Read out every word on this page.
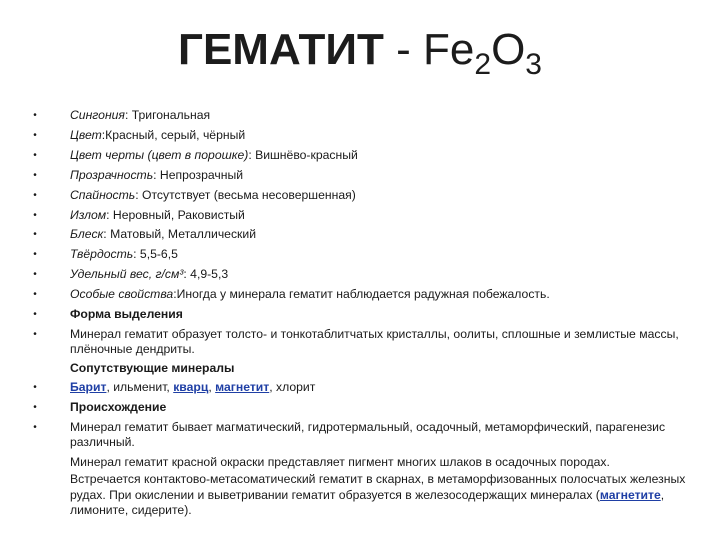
ГЕМАТИТ - $Fe_2O_3$
•	Сингония: Тригональная
•	Цвет:Красный, серый, чёрный
•	Цвет черты (цвет в порошке): Вишнёво-красный
•	Прозрачность: Непрозрачный
•	Спайность: Отсутствует (весьма несовершенная)
•	Излом: Неровный, Раковистый
•	Блеск: Матовый, Металлический
•	Твёрдость: 5,5-6,5
•	Удельный вес, г/см³: 4,9-5,3
•	Особые свойства:Иногда у минерала гематит наблюдается радужная побежалость.
•	Форма выделения
•	Минерал гематит образует толсто- и тонкотаблитчатых кристаллы, оолиты, сплошные и землистые массы, плёночные дендриты.
Сопутствующие минералы
•	Барит, ильменит, кварц, магнетит, хлорит
•	Происхождение
•	Минерал гематит бывает магматический, гидротермальный, осадочный, метаморфический, парагенезис различный.
Минерал гематит красной окраски представляет пигмент многих шлаков в осадочных породах.
Встречается контактово-метасоматический гематит в скарнах, в метаморфизованных полосчатых железных рудах. При окислении и выветривании гематит образуется в железосодержащих минералах (магнетите, лимоните, сидерите).
